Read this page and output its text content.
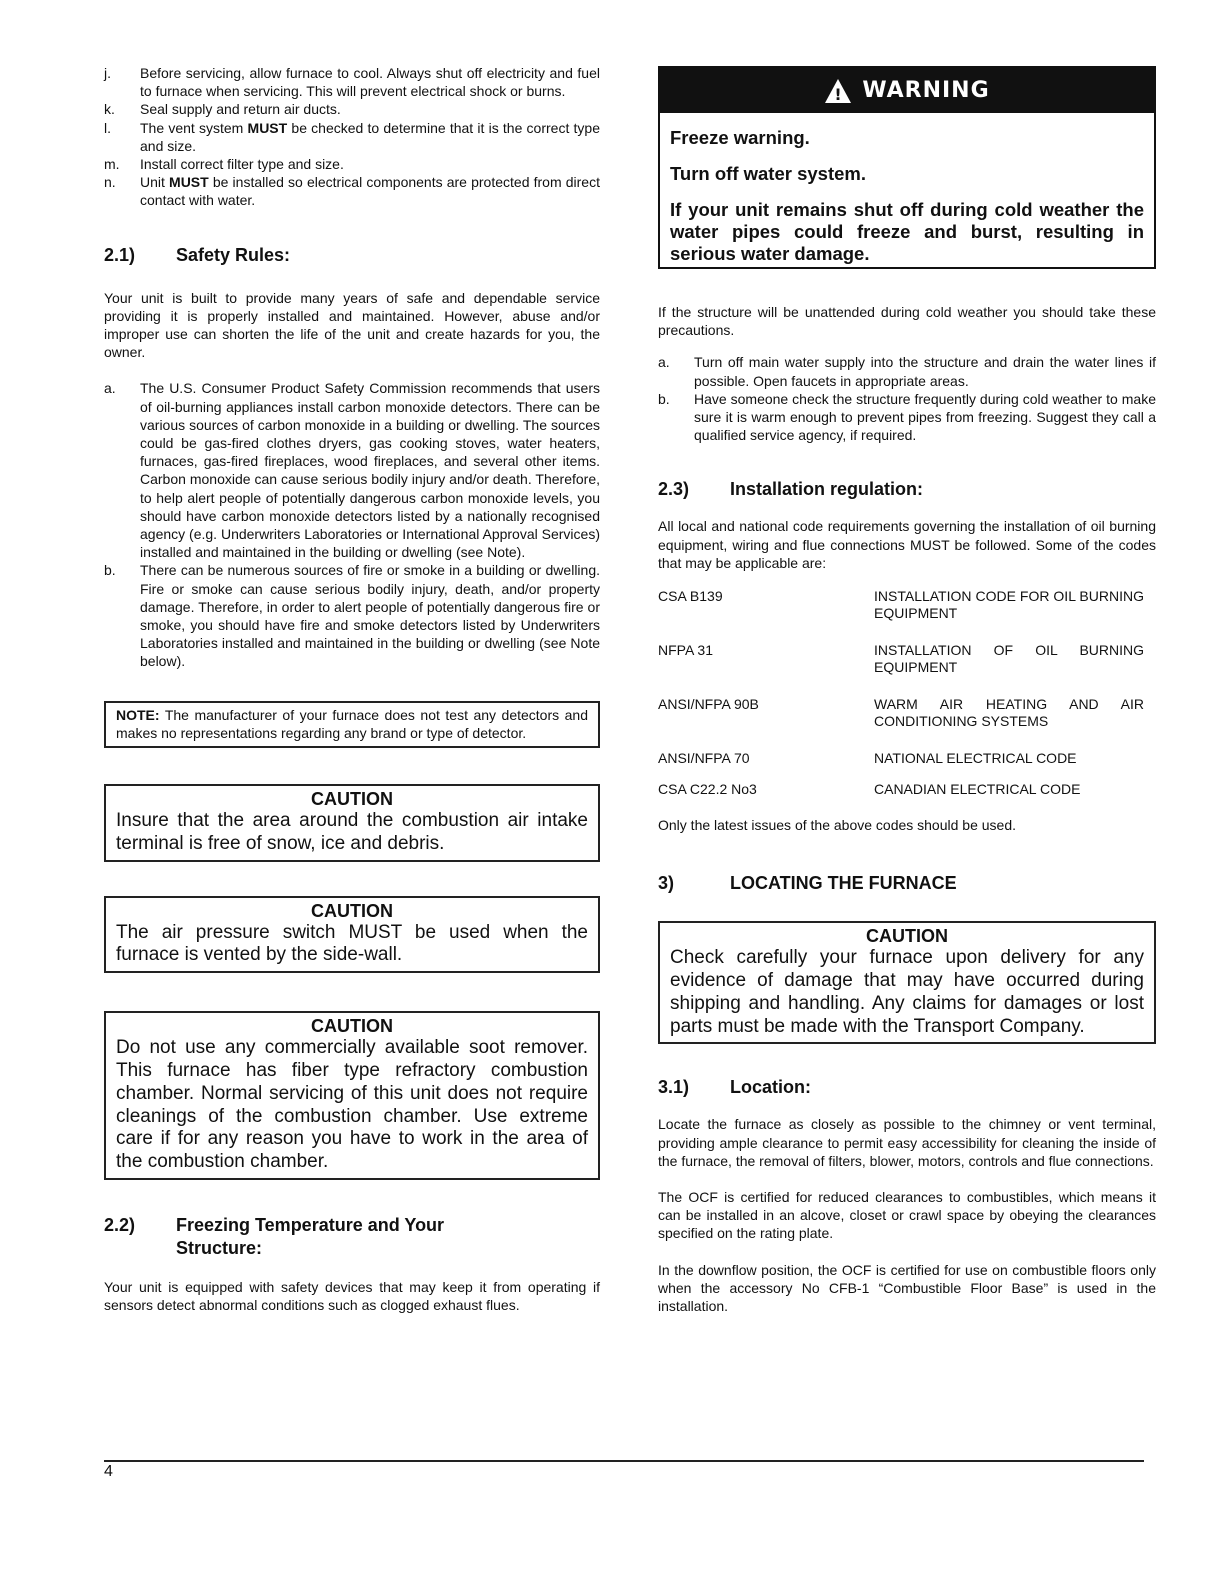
j.	Before servicing, allow furnace to cool. Always shut off electricity and fuel to furnace when servicing. This will prevent electrical shock or burns.
k.	Seal supply and return air ducts.
l.	The vent system MUST be checked to determine that it is the correct type and size.
m.	Install correct filter type and size.
n.	Unit MUST be installed so electrical components are protected from direct contact with water.
2.1)	Safety Rules:

Your unit is built to provide many years of safe and dependable service providing it is properly installed and maintained. However, abuse and/or improper use can shorten the life of the unit and create hazards for you, the owner.

a.	The U.S. Consumer Product Safety Commission recommends that users of oil-burning appliances install carbon monoxide detectors. There can be various sources of carbon monoxide in a building or dwelling. The sources could be gas-fired clothes dryers, gas cooking stoves, water heaters, furnaces, gas-fired fireplaces, wood fireplaces, and several other items. Carbon monoxide can cause serious bodily injury and/or death. Therefore, to help alert people of potentially dangerous carbon monoxide levels, you should have carbon monoxide detectors listed by a nationally recognised agency (e.g. Underwriters Laboratories or International Approval Services) installed and maintained in the building or dwelling (see Note).
b.	There can be numerous sources of fire or smoke in a building or dwelling. Fire or smoke can cause serious bodily injury, death, and/or property damage. Therefore, in order to alert people of potentially dangerous fire or smoke, you should have fire and smoke detectors listed by Underwriters Laboratories installed and maintained in the building or dwelling (see Note below).
NOTE: The manufacturer of your furnace does not test any detectors and makes no representations regarding any brand or type of detector.
CAUTION
Insure that the area around the combustion air intake terminal is free of snow, ice and debris.
CAUTION
The air pressure switch MUST be used when the furnace is vented by the side-wall.
CAUTION
Do not use any commercially available soot remover. This furnace has fiber type refractory combustion chamber. Normal servicing of this unit does not require cleanings of the combustion chamber. Use extreme care if for any reason you have to work in the area of the combustion chamber.
2.2)	Freezing Temperature and Your Structure:

Your unit is equipped with safety devices that may keep it from operating if sensors detect abnormal conditions such as clogged exhaust flues.

! WARNING

Freeze warning.

Turn off water system.

If your unit remains shut off during cold weather the water pipes could freeze and burst, resulting in serious water damage.

If the structure will be unattended during cold weather you should take these precautions.

a.	Turn off main water supply into the structure and drain the water lines if possible. Open faucets in appropriate areas.
b.	Have someone check the structure frequently during cold weather to make sure it is warm enough to prevent pipes from freezing. Suggest they call a qualified service agency, if required.
2.3)	Installation regulation:

All local and national code requirements governing the installation of oil burning equipment, wiring and flue connections MUST be followed. Some of the codes that may be applicable are:

CSA B139	INSTALLATION CODE FOR OIL BURNING EQUIPMENT
NFPA 31	INSTALLATION OF OIL BURNING EQUIPMENT
ANSI/NFPA 90B	WARM AIR HEATING AND AIR CONDITIONING SYSTEMS
ANSI/NFPA 70	NATIONAL ELECTRICAL CODE
CSA C22.2 No3	CANADIAN ELECTRICAL CODE

Only the latest issues of the above codes should be used.

3)	LOCATING THE FURNACE
CAUTION
Check carefully your furnace upon delivery for any evidence of damage that may have occurred during shipping and handling. Any claims for damages or lost parts must be made with the Transport Company.
3.1)	Location:

Locate the furnace as closely as possible to the chimney or vent terminal, providing ample clearance to permit easy accessibility for cleaning the inside of the furnace, the removal of filters, blower, motors, controls and flue connections.

The OCF is certified for reduced clearances to combustibles, which means it can be installed in an alcove, closet or crawl space by obeying the clearances specified on the rating plate.

In the downflow position, the OCF is certified for use on combustible floors only when the accessory No CFB-1 “Combustible Floor Base” is used in the installation.

4
